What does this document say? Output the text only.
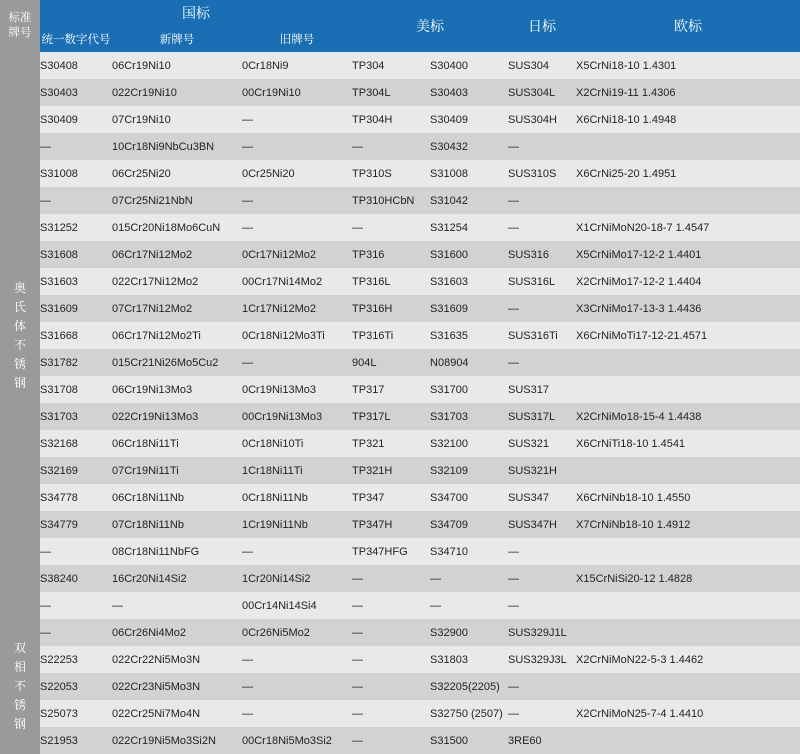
标准
牌号	国标			美标		日标	欧标
	统一数字代号	新牌号	旧牌号				

奥
氏
体
不
锈
钢
	S30408	06Cr19Ni10	0Cr18Ni9	TP304	S30400	SUS304	X5CrNi18-10 1.4301
	S30403	022Cr19Ni10	00Cr19Ni10	TP304L	S30403	SUS304L	X2CrNi19-11 1.4306
	S30409	07Cr19Ni10	—	TP304H	S30409	SUS304H	X6CrNi18-10 1.4948
	—	10Cr18Ni9NbCu3BN	—	—	S30432	—	
	S31008	06Cr25Ni20	0Cr25Ni20	TP310S	S31008	SUS310S	X6CrNi25-20 1.4951
	—	07Cr25Ni21NbN	—	TP310HCbN	S31042	—	
	S31252	015Cr20Ni18Mo6CuN	—	—	S31254	—	X1CrNiMoN20-18-7 1.4547
	S31608	06Cr17Ni12Mo2	0Cr17Ni12Mo2	TP316	S31600	SUS316	X5CrNiMo17-12-2 1.4401
	S31603	022Cr17Ni12Mo2	00Cr17Ni14Mo2	TP316L	S31603	SUS316L	X2CrNiMo17-12-2 1.4404
	S31609	07Cr17Ni12Mo2	1Cr17Ni12Mo2	TP316H	S31609	—	X3CrNiMo17-13-3 1.4436
	S31668	06Cr17Ni12Mo2Ti	0Cr18Ni12Mo3Ti	TP316Ti	S31635	SUS316Ti	X6CrNiMoTi17-12-21.4571
	S31782	015Cr21Ni26Mo5Cu2	—	904L	N08904	—	
	S31708	06Cr19Ni13Mo3	0Cr19Ni13Mo3	TP317	S31700	SUS317	
	S31703	022Cr19Ni13Mo3	00Cr19Ni13Mo3	TP317L	S31703	SUS317L	X2CrNiMo18-15-4 1.4438
	S32168	06Cr18Ni11Ti	0Cr18Ni10Ti	TP321	S32100	SUS321	X6CrNiTi18-10 1.4541
	S32169	07Cr19Ni11Ti	1Cr18Ni11Ti	TP321H	S32109	SUS321H	
	S34778	06Cr18Ni11Nb	0Cr18Ni11Nb	TP347	S34700	SUS347	X6CrNiNb18-10 1.4550
	S34779	07Cr18Ni11Nb	1Cr19Ni11Nb	TP347H	S34709	SUS347H	X7CrNiNb18-10 1.4912
	—	08Cr18Ni11NbFG	—	TP347HFG	S34710	—	
	S38240	16Cr20Ni14Si2	1Cr20Ni14Si2	—	—	—	X15CrNiSi20-12 1.4828
	—	—	00Cr14Ni14Si4	—	—	—	

双
相
不
锈
钢	—	06Cr26Ni4Mo2	0Cr26Ni5Mo2	—	S32900	SUS329J1L	
	S22253	022Cr22Ni5Mo3N	—	—	S31803	SUS329J3L	X2CrNiMoN22-5-3 1.4462
	S22053	022Cr23Ni5Mo3N	—	—	S32205(2205)	—	
	S25073	022Cr25Ni7Mo4N	—	—	S32750 (2507)	—	X2CrNiMoN25-7-4 1.4410
	S21953	022Cr19Ni5Mo3Si2N	00Cr18Ni5Mo3Si2	—	S31500	3RE60	
